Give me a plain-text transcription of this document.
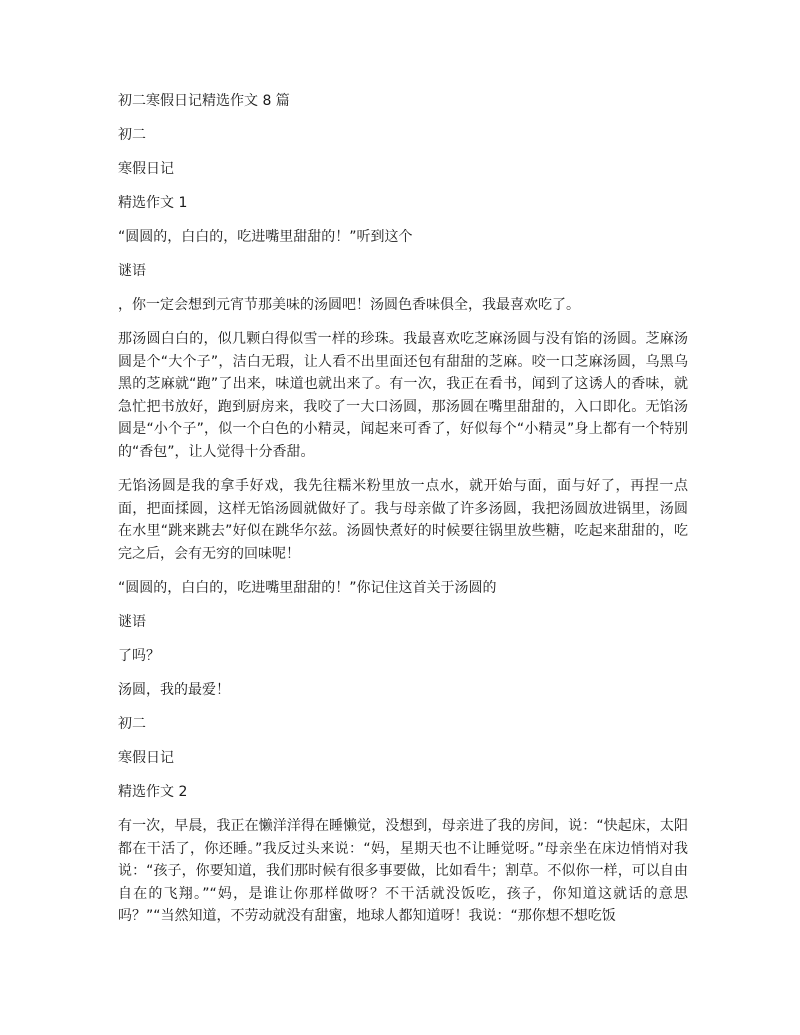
初二寒假日记精选作文 8 篇
初二
寒假日记
精选作文 1
“圆圆的，白白的，吃进嘴里甜甜的！”听到这个
谜语
，你一定会想到元宵节那美味的汤圆吧！汤圆色香味俱全，我最喜欢吃了。
那汤圆白白的，似几颗白得似雪一样的珍珠。我最喜欢吃芝麻汤圆与没有馅的汤圆。芝麻汤圆是个“大个子”，洁白无瑕，让人看不出里面还包有甜甜的芝麻。咬一口芝麻汤圆，乌黑乌黑的芝麻就“跑”了出来，味道也就出来了。有一次，我正在看书，闻到了这诱人的香味，就急忙把书放好，跑到厨房来，我咬了一大口汤圆，那汤圆在嘴里甜甜的，入口即化。无馅汤圆是“小个子”，似一个白色的小精灵，闻起来可香了，好似每个“小精灵”身上都有一个特别的“香包”，让人觉得十分香甜。
无馅汤圆是我的拿手好戏，我先往糯米粉里放一点水，就开始与面，面与好了，再捏一点面，把面揉圆，这样无馅汤圆就做好了。我与母亲做了许多汤圆，我把汤圆放进锅里，汤圆在水里“跳来跳去”好似在跳华尔兹。汤圆快煮好的时候要往锅里放些糖，吃起来甜甜的，吃完之后，会有无穷的回味呢！
“圆圆的，白白的，吃进嘴里甜甜的！”你记住这首关于汤圆的
谜语
了吗？
汤圆，我的最爱！
初二
寒假日记
精选作文 2
有一次，早晨，我正在懒洋洋得在睡懒觉，没想到，母亲进了我的房间，说：“快起床，太阳都在干活了，你还睡。”我反过头来说：“妈，星期天也不让睡觉呀。”母亲坐在床边悄悄对我说：“孩子，你要知道，我们那时候有很多事要做，比如看牛；割草。不似你一样，可以自由自在的飞翔。”“妈，是谁让你那样做呀？不干活就没饭吃，孩子，你知道这就话的意思吗？”“当然知道，不劳动就没有甜蜜，地球人都知道呀！我说：“那你想不想吃饭
